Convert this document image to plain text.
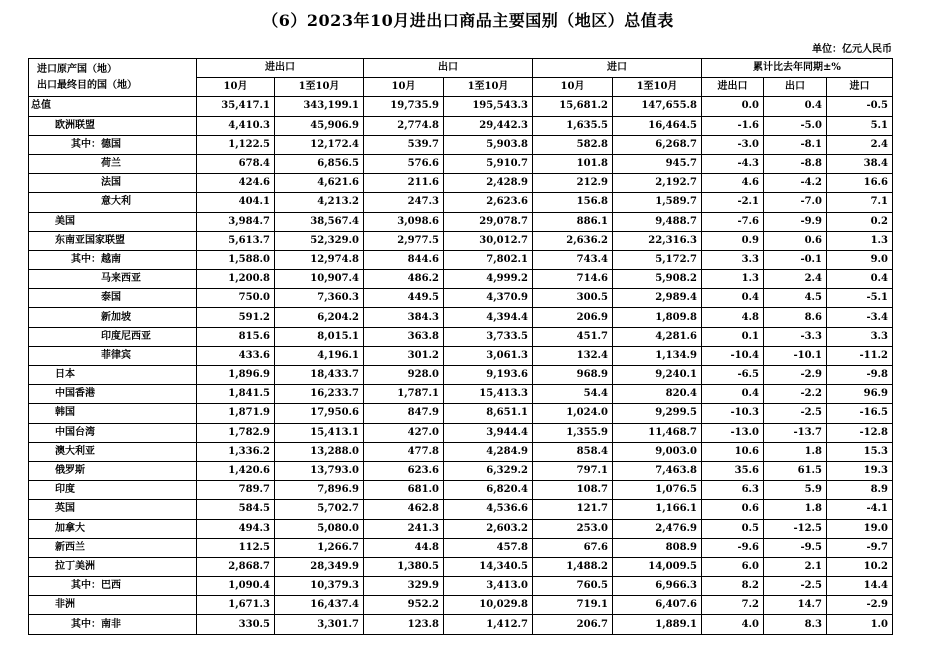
（6）2023年10月进出口商品主要国别（地区）总值表
单位：亿元人民币
进口原产国（地）
出口最终目的国（地）	进出口		出口		进口		累计比去年同期±%		
	10月	1至10月	10月	1至10月	10月	1至10月	进出口	出口	进口
总值	35,417.1	343,199.1	19,735.9	195,543.3	15,681.2	147,655.8	0.0	0.4	-0.5
欧洲联盟	4,410.3	45,906.9	2,774.8	29,442.3	1,635.5	16,464.5	-1.6	-5.0	5.1
其中：德国	1,122.5	12,172.4	539.7	5,903.8	582.8	6,268.7	-3.0	-8.1	2.4
荷兰	678.4	6,856.5	576.6	5,910.7	101.8	945.7	-4.3	-8.8	38.4
法国	424.6	4,621.6	211.6	2,428.9	212.9	2,192.7	4.6	-4.2	16.6
意大利	404.1	4,213.2	247.3	2,623.6	156.8	1,589.7	-2.1	-7.0	7.1
美国	3,984.7	38,567.4	3,098.6	29,078.7	886.1	9,488.7	-7.6	-9.9	0.2
东南亚国家联盟	5,613.7	52,329.0	2,977.5	30,012.7	2,636.2	22,316.3	0.9	0.6	1.3
其中：越南	1,588.0	12,974.8	844.6	7,802.1	743.4	5,172.7	3.3	-0.1	9.0
马来西亚	1,200.8	10,907.4	486.2	4,999.2	714.6	5,908.2	1.3	2.4	0.4
泰国	750.0	7,360.3	449.5	4,370.9	300.5	2,989.4	0.4	4.5	-5.1
新加坡	591.2	6,204.2	384.3	4,394.4	206.9	1,809.8	4.8	8.6	-3.4
印度尼西亚	815.6	8,015.1	363.8	3,733.5	451.7	4,281.6	0.1	-3.3	3.3
菲律宾	433.6	4,196.1	301.2	3,061.3	132.4	1,134.9	-10.4	-10.1	-11.2
日本	1,896.9	18,433.7	928.0	9,193.6	968.9	9,240.1	-6.5	-2.9	-9.8
中国香港	1,841.5	16,233.7	1,787.1	15,413.3	54.4	820.4	0.4	-2.2	96.9
韩国	1,871.9	17,950.6	847.9	8,651.1	1,024.0	9,299.5	-10.3	-2.5	-16.5
中国台湾	1,782.9	15,413.1	427.0	3,944.4	1,355.9	11,468.7	-13.0	-13.7	-12.8
澳大利亚	1,336.2	13,288.0	477.8	4,284.9	858.4	9,003.0	10.6	1.8	15.3
俄罗斯	1,420.6	13,793.0	623.6	6,329.2	797.1	7,463.8	35.6	61.5	19.3
印度	789.7	7,896.9	681.0	6,820.4	108.7	1,076.5	6.3	5.9	8.9
英国	584.5	5,702.7	462.8	4,536.6	121.7	1,166.1	0.6	1.8	-4.1
加拿大	494.3	5,080.0	241.3	2,603.2	253.0	2,476.9	0.5	-12.5	19.0
新西兰	112.5	1,266.7	44.8	457.8	67.6	808.9	-9.6	-9.5	-9.7
拉丁美洲	2,868.7	28,349.9	1,380.5	14,340.5	1,488.2	14,009.5	6.0	2.1	10.2
其中：巴西	1,090.4	10,379.3	329.9	3,413.0	760.5	6,966.3	8.2	-2.5	14.4
非洲	1,671.3	16,437.4	952.2	10,029.8	719.1	6,407.6	7.2	14.7	-2.9
其中：南非	330.5	3,301.7	123.8	1,412.7	206.7	1,889.1	4.0	8.3	1.0
